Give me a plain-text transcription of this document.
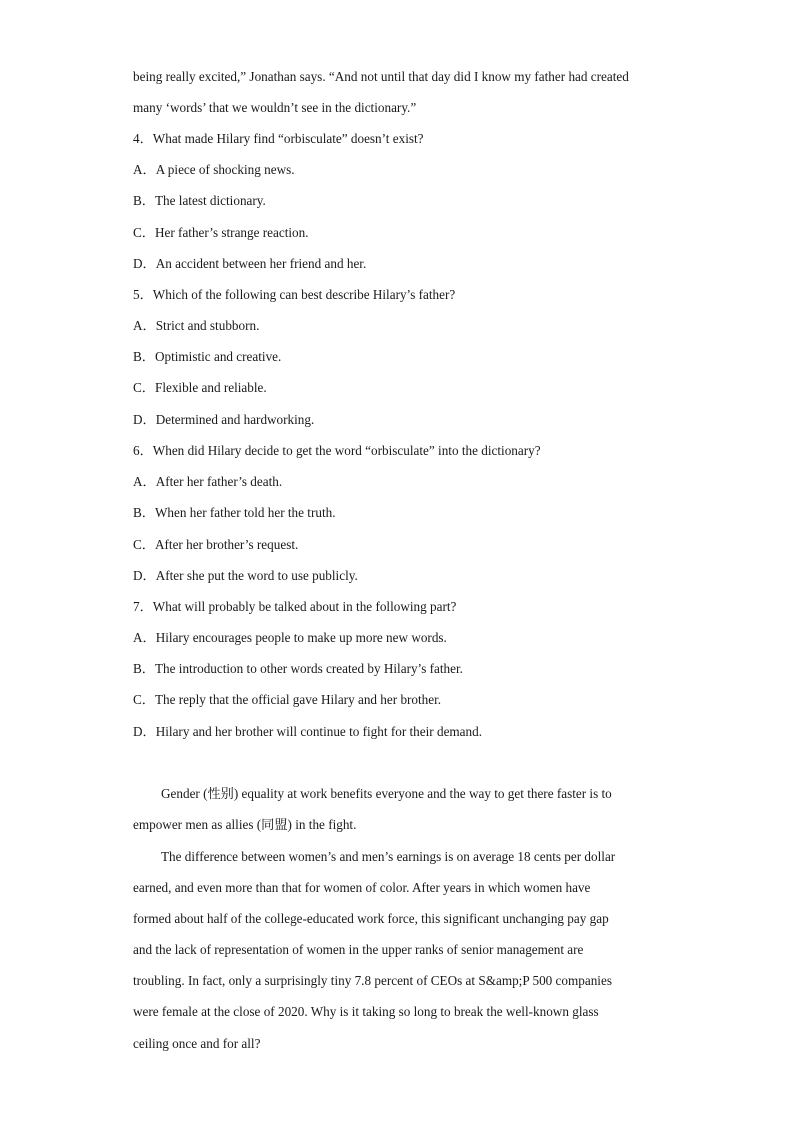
being really excited,” Jonathan says. “And not until that day did I know my father had created
many ‘words’ that we wouldn’t see in the dictionary.”
4．What made Hilary find “orbisculate” doesn’t exist?
A．A piece of shocking news.
B．The latest dictionary.
C．Her father’s strange reaction.
D．An accident between her friend and her.
5．Which of the following can best describe Hilary’s father?
A．Strict and stubborn.
B．Optimistic and creative.
C．Flexible and reliable.
D．Determined and hardworking.
6．When did Hilary decide to get the word “orbisculate” into the dictionary?
A．After her father’s death.
B．When her father told her the truth.
C．After her brother’s request.
D．After she put the word to use publicly.
7．What will probably be talked about in the following part?
A．Hilary encourages people to make up more new words.
B．The introduction to other words created by Hilary’s father.
C．The reply that the official gave Hilary and her brother.
D．Hilary and her brother will continue to fight for their demand.
Gender (性别) equality at work benefits everyone and the way to get there faster is to
empower men as allies (同盟) in the fight.
The difference between women’s and men’s earnings is on average 18 cents per dollar
earned, and even more than that for women of color. After years in which women have
formed about half of the college-educated work force, this significant unchanging pay gap
and the lack of representation of women in the upper ranks of senior management are
troubling. In fact, only a surprisingly tiny 7.8 percent of CEOs at S&amp;P 500 companies
were female at the close of 2020. Why is it taking so long to break the well-known glass
ceiling once and for all?
